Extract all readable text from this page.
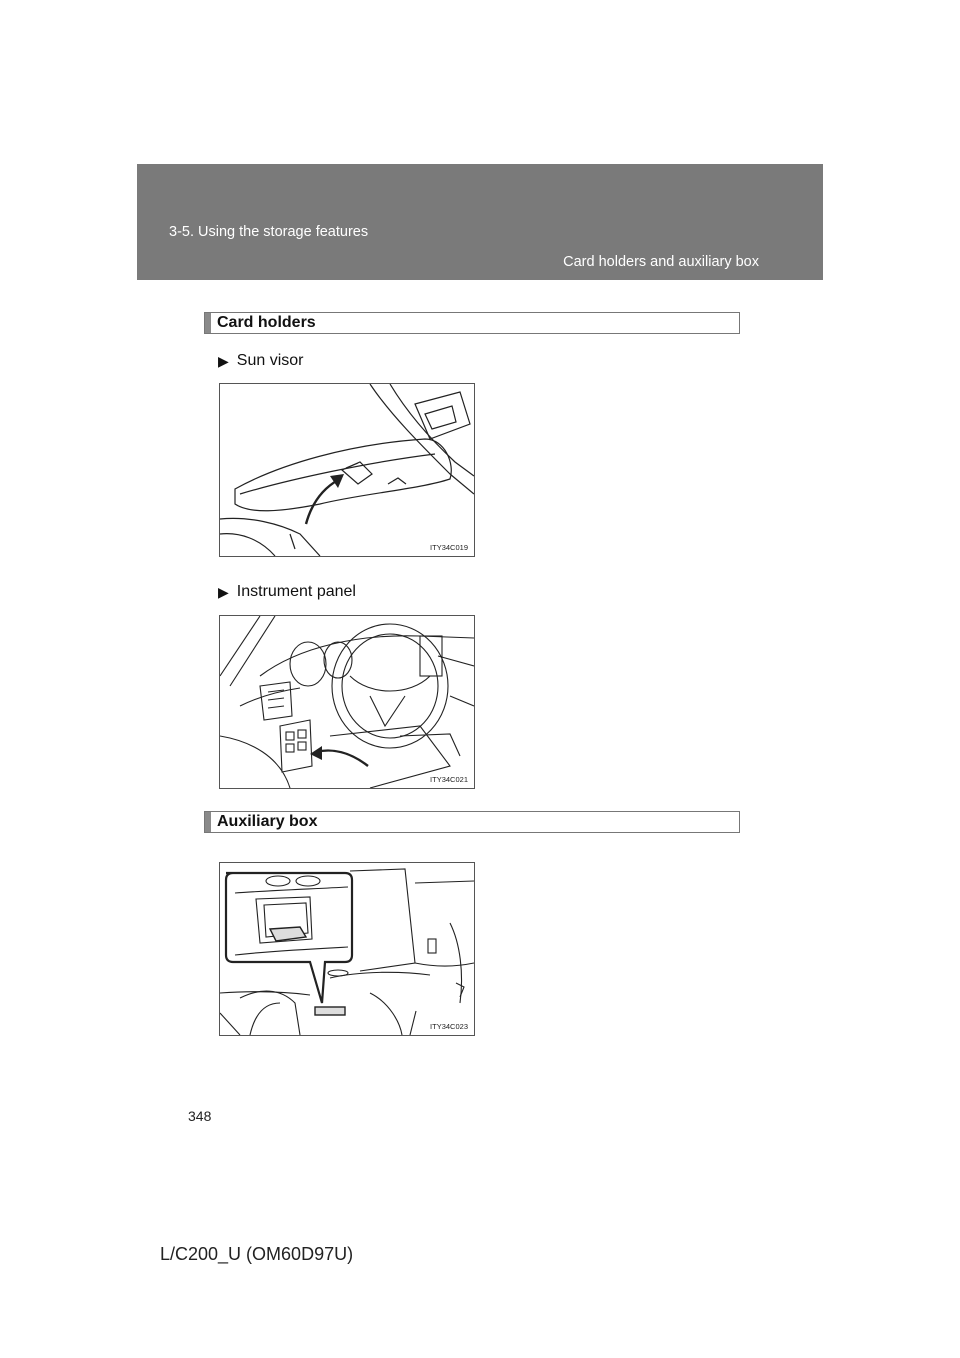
3-5. Using the storage features
Card holders and auxiliary box
Card holders
▶ Sun visor
ITY34C019
▶ Instrument panel
ITY34C021
Auxiliary box
ITY34C023
348
L/C200_U (OM60D97U)
